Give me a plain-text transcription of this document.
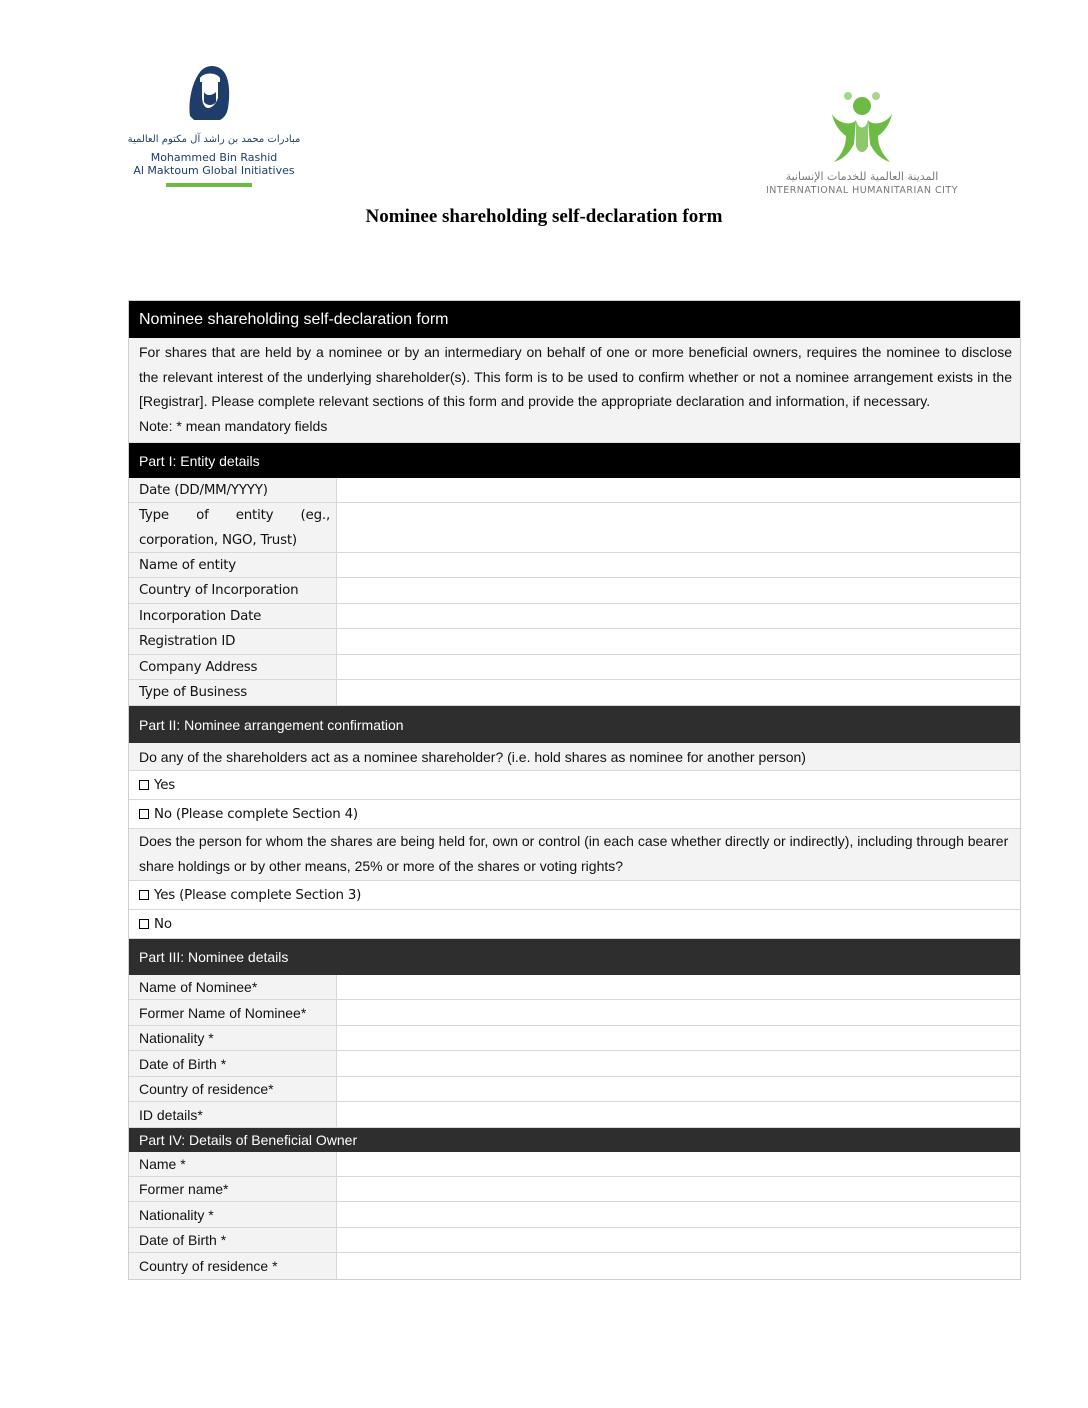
مبادرات محمد بن راشد آل مكتوم العالمية
Mohammed Bin Rashid
Al Maktoum Global Initiatives	المدينة العالمية للخدمات الإنسانية
INTERNATIONAL HUMANITARIAN CITY
Nominee shareholding self-declaration form
Nominee shareholding self-declaration form

For shares that are held by a nominee or by an intermediary on behalf of one or more beneficial owners, requires the nominee to disclose the relevant interest of the underlying shareholder(s). This form is to be used to confirm whether or not a nominee arrangement exists in the [Registrar]. Please complete relevant sections of this form and provide the appropriate declaration and information, if necessary.

Note: * mean mandatory fields
Part I: Entity details
Date (DD/MM/YYYY)
Type of entity (eg., corporation, NGO, Trust)
Name of entity
Country of Incorporation
Incorporation Date
Registration ID
Company Address
Type of Business
Part II: Nominee arrangement confirmation
Do any of the shareholders act as a nominee shareholder? (i.e. hold shares as nominee for another person)
Yes
No (Please complete Section 4)
Does the person for whom the shares are being held for, own or control (in each case whether directly or indirectly), including through bearer share holdings or by other means, 25% or more of the shares or voting rights?
Yes (Please complete Section 3)
No
Part III: Nominee details
Name of Nominee*
Former Name of Nominee*
Nationality *
Date of Birth *
Country of residence*
ID details*
Part IV: Details of Beneficial Owner
Name *
Former name*
Nationality *
Date of Birth *
Country of residence *
